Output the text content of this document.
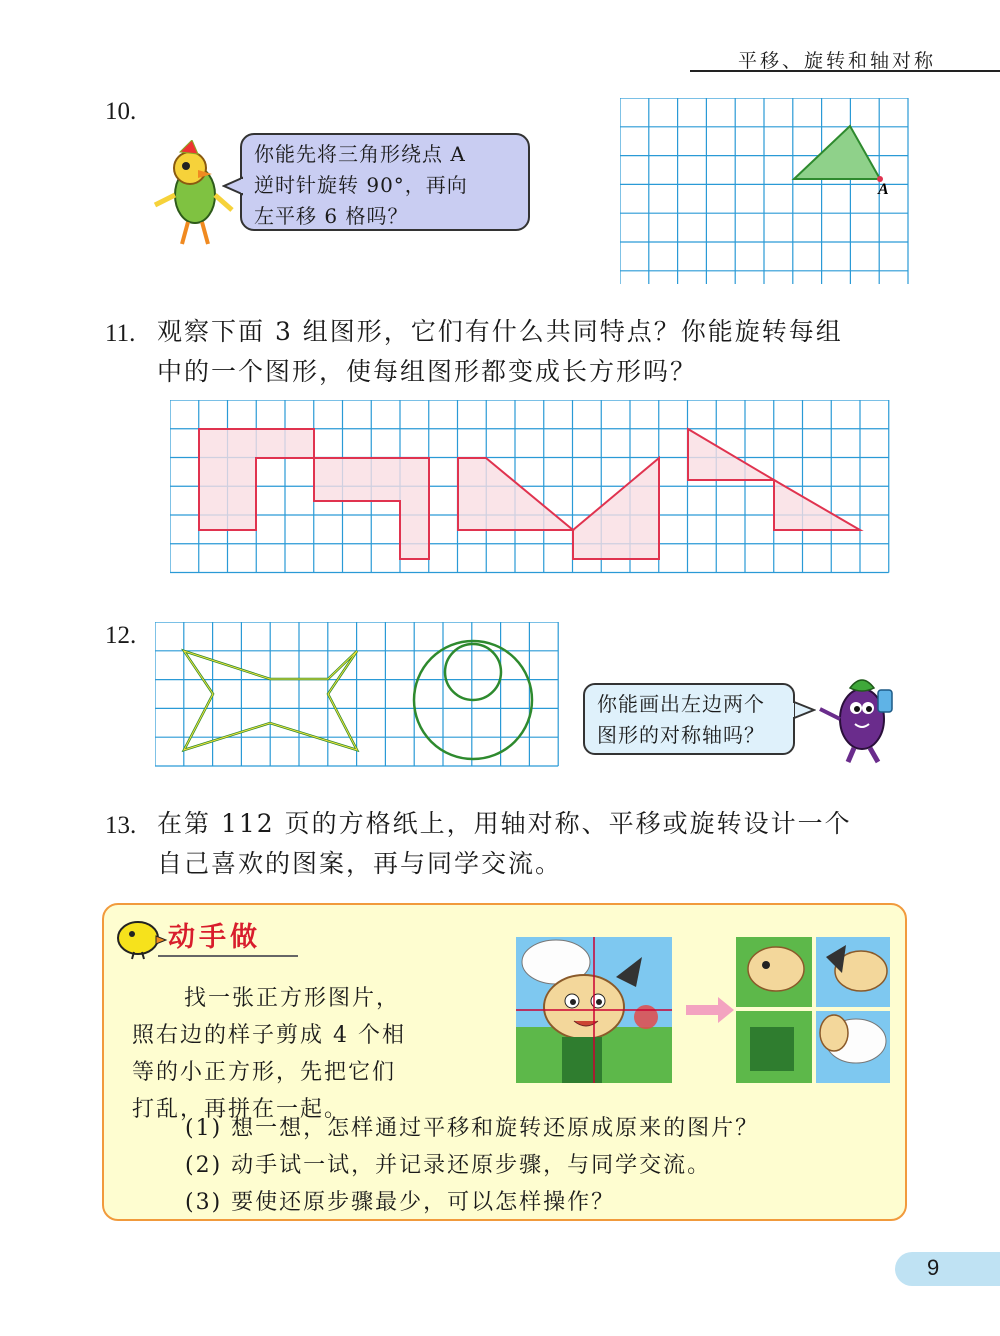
平移、旋转和轴对称
10.
你能先将三角形绕点 A
逆时针旋转 90°，再向
左平移 6 格吗？
A
11. 观察下面 3 组图形，它们有什么共同特点？你能旋转每组
中的一个图形，使每组图形都变成长方形吗？
12.
你能画出左边两个
图形的对称轴吗？
13. 在第 112 页的方格纸上，用轴对称、平移或旋转设计一个
自己喜欢的图案，再与同学交流。
动手做
找一张正方形图片，
照右边的样子剪成 4 个相
等的小正方形，先把它们
打乱，再拼在一起。
(1) 想一想，怎样通过平移和旋转还原成原来的图片？
(2) 动手试一试，并记录还原步骤，与同学交流。
(3) 要使还原步骤最少，可以怎样操作？
9
